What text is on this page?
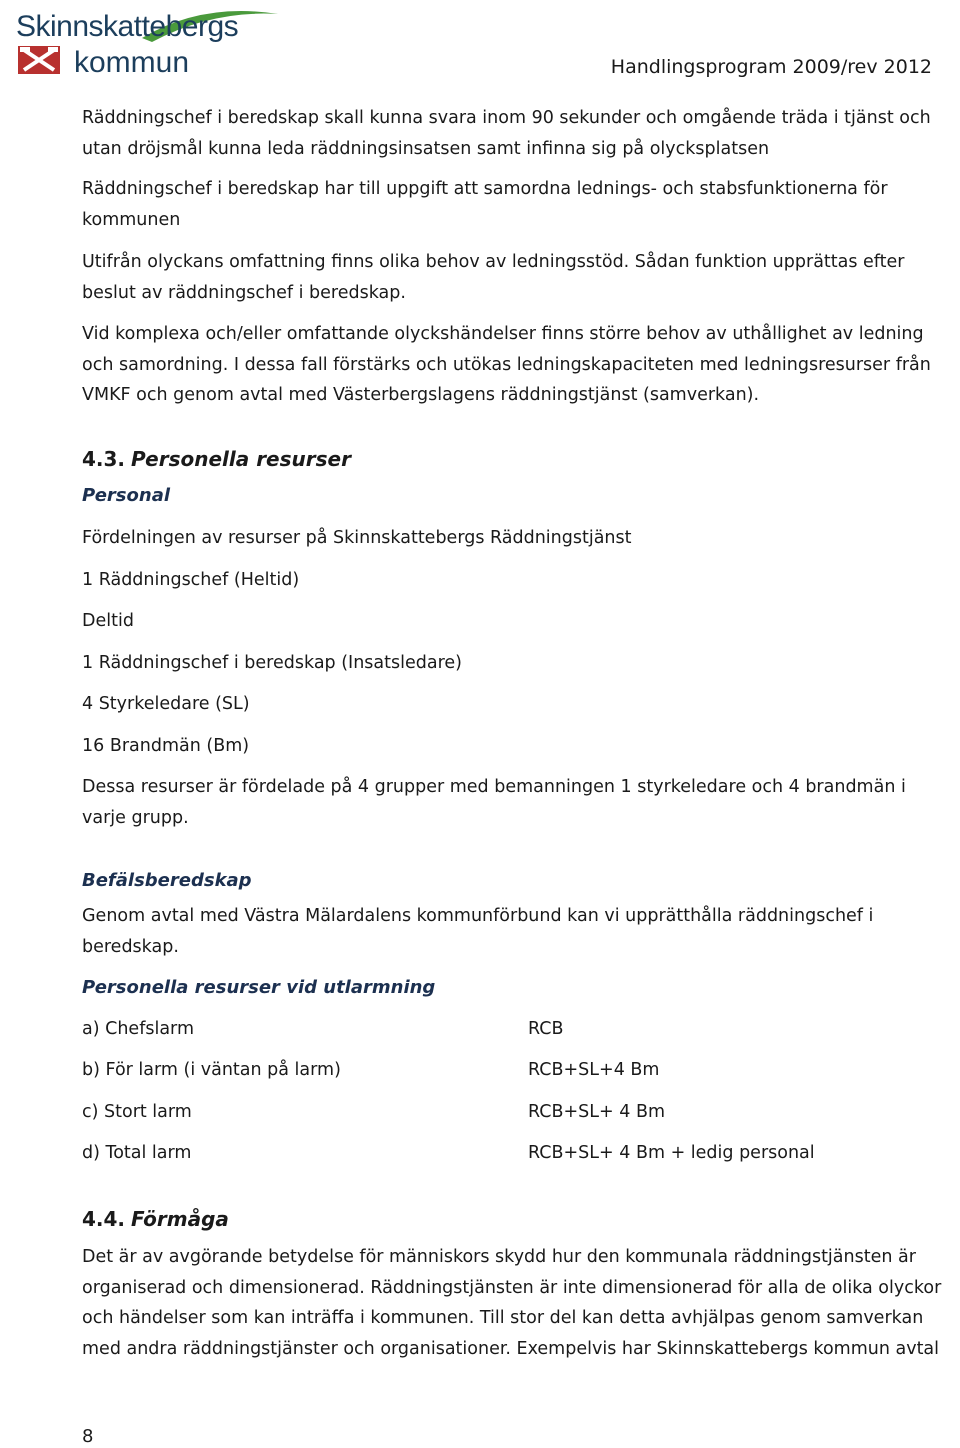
Skinnskattebergs
kommun	Handlingsprogram 2009/rev 2012

Räddningschef i beredskap skall kunna svara inom 90 sekunder och omgående träda i tjänst och utan dröjsmål kunna leda räddningsinsatsen samt infinna sig på olycksplatsen

Räddningschef i beredskap har till uppgift att samordna lednings- och stabsfunktionerna för kommunen

Utifrån olyckans omfattning finns olika behov av ledningsstöd. Sådan funktion upprättas efter beslut av räddningschef i beredskap.

Vid komplexa och/eller omfattande olyckshändelser finns större behov av uthållighet av ledning och samordning. I dessa fall förstärks och utökas ledningskapaciteten med ledningsresurser från VMKF och genom avtal med Västerbergslagens räddningstjänst (samverkan).

4.3. Personella resurser
Personal

Fördelningen av resurser på Skinnskattebergs Räddningstjänst

1 Räddningschef (Heltid)

Deltid

1 Räddningschef i beredskap (Insatsledare)

4 Styrkeledare (SL)

16 Brandmän (Bm)

Dessa resurser är fördelade på 4 grupper med bemanningen 1 styrkeledare och 4 brandmän i varje grupp.

Befälsberedskap

Genom avtal med Västra Mälardalens kommunförbund kan vi upprätthålla räddningschef i beredskap.

Personella resurser vid utlarmning
a) Chefslarm	RCB
b) För larm (i väntan på larm)	RCB+SL+4 Bm
c) Stort larm	RCB+SL+ 4 Bm
d) Total larm	RCB+SL+ 4 Bm + ledig personal
4.4. Förmåga

Det är av avgörande betydelse för människors skydd hur den kommunala räddningstjänsten är organiserad och dimensionerad. Räddningstjänsten är inte dimensionerad för alla de olika olyckor och händelser som kan inträffa i kommunen. Till stor del kan detta avhjälpas genom samverkan med andra räddningstjänster och organisationer. Exempelvis har Skinnskattebergs kommun avtal

8
